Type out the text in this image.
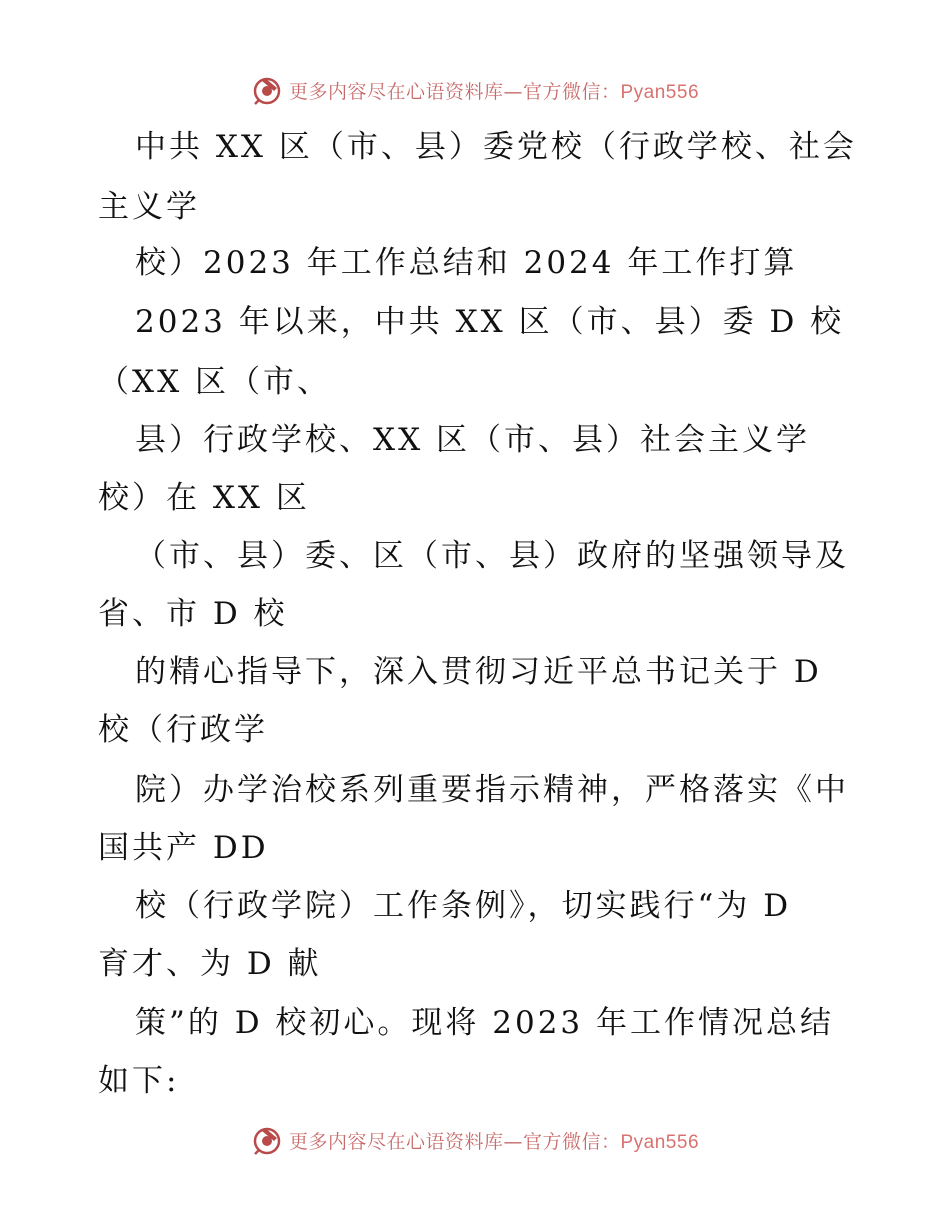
更多内容尽在心语资料库—官方微信：Pyan556
中共 XX 区（市、县）委党校（行政学校、社会
主义学
校）2023 年工作总结和 2024 年工作打算
2023 年以来，中共 XX 区（市、县）委 D 校
（XX 区（市、
县）行政学校、XX 区（市、县）社会主义学
校）在 XX 区
（市、县）委、区（市、县）政府的坚强领导及
省、市 D 校
的精心指导下，深入贯彻习近平总书记关于 D
校（行政学
院）办学治校系列重要指示精神，严格落实《中
国共产 DD
校（行政学院）工作条例》，切实践行“为 D
育才、为 D 献
策”的 D 校初心。现将 2023 年工作情况总结
如下:
更多内容尽在心语资料库—官方微信：Pyan556
